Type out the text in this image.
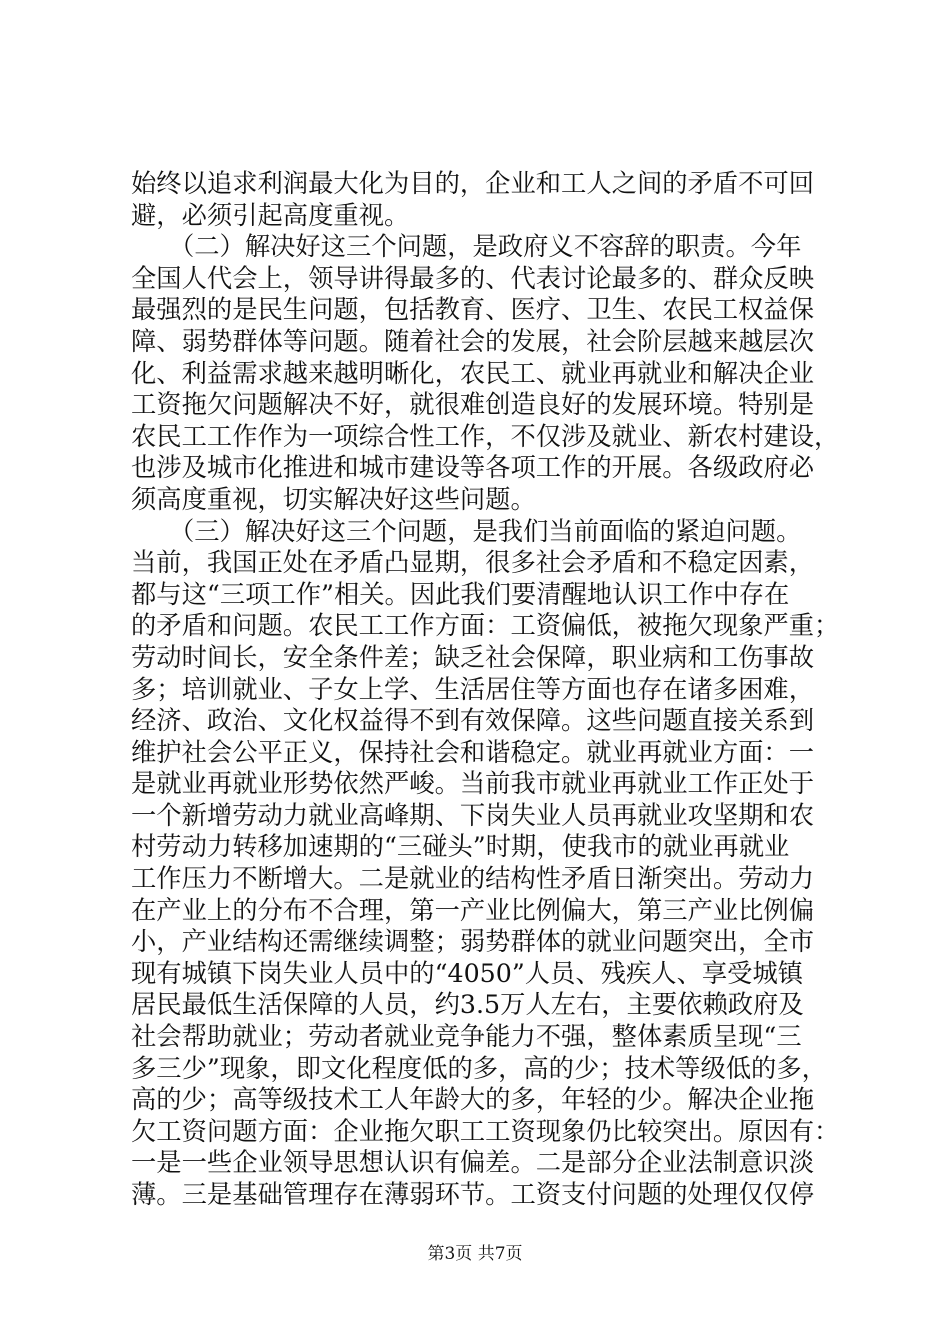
始终以追求利润最大化为目的，企业和工人之间的矛盾不可回
避，必须引起高度重视。
　　（二）解决好这三个问题，是政府义不容辞的职责。今年
全国人代会上，领导讲得最多的、代表讨论最多的、群众反映
最强烈的是民生问题，包括教育、医疗、卫生、农民工权益保
障、弱势群体等问题。随着社会的发展，社会阶层越来越层次
化、利益需求越来越明晰化，农民工、就业再就业和解决企业
工资拖欠问题解决不好，就很难创造良好的发展环境。特别是
农民工工作作为一项综合性工作，不仅涉及就业、新农村建设，
也涉及城市化推进和城市建设等各项工作的开展。各级政府必
须高度重视，切实解决好这些问题。
　　（三）解决好这三个问题，是我们当前面临的紧迫问题。
当前，我国正处在矛盾凸显期，很多社会矛盾和不稳定因素，
都与这“三项工作”相关。因此我们要清醒地认识工作中存在
的矛盾和问题。农民工工作方面：工资偏低，被拖欠现象严重；
劳动时间长，安全条件差；缺乏社会保障，职业病和工伤事故
多；培训就业、子女上学、生活居住等方面也存在诸多困难，
经济、政治、文化权益得不到有效保障。这些问题直接关系到
维护社会公平正义，保持社会和谐稳定。就业再就业方面：一
是就业再就业形势依然严峻。当前我市就业再就业工作正处于
一个新增劳动力就业高峰期、下岗失业人员再就业攻坚期和农
村劳动力转移加速期的“三碰头”时期，使我市的就业再就业
工作压力不断增大。二是就业的结构性矛盾日渐突出。劳动力
在产业上的分布不合理，第一产业比例偏大，第三产业比例偏
小，产业结构还需继续调整；弱势群体的就业问题突出，全市
现有城镇下岗失业人员中的“4050”人员、残疾人、享受城镇
居民最低生活保障的人员，约3.5万人左右，主要依赖政府及
社会帮助就业；劳动者就业竞争能力不强，整体素质呈现“三
多三少”现象，即文化程度低的多，高的少；技术等级低的多，
高的少；高等级技术工人年龄大的多，年轻的少。解决企业拖
欠工资问题方面：企业拖欠职工工资现象仍比较突出。原因有：
一是一些企业领导思想认识有偏差。二是部分企业法制意识淡
薄。三是基础管理存在薄弱环节。工资支付问题的处理仅仅停
第3页 共7页
